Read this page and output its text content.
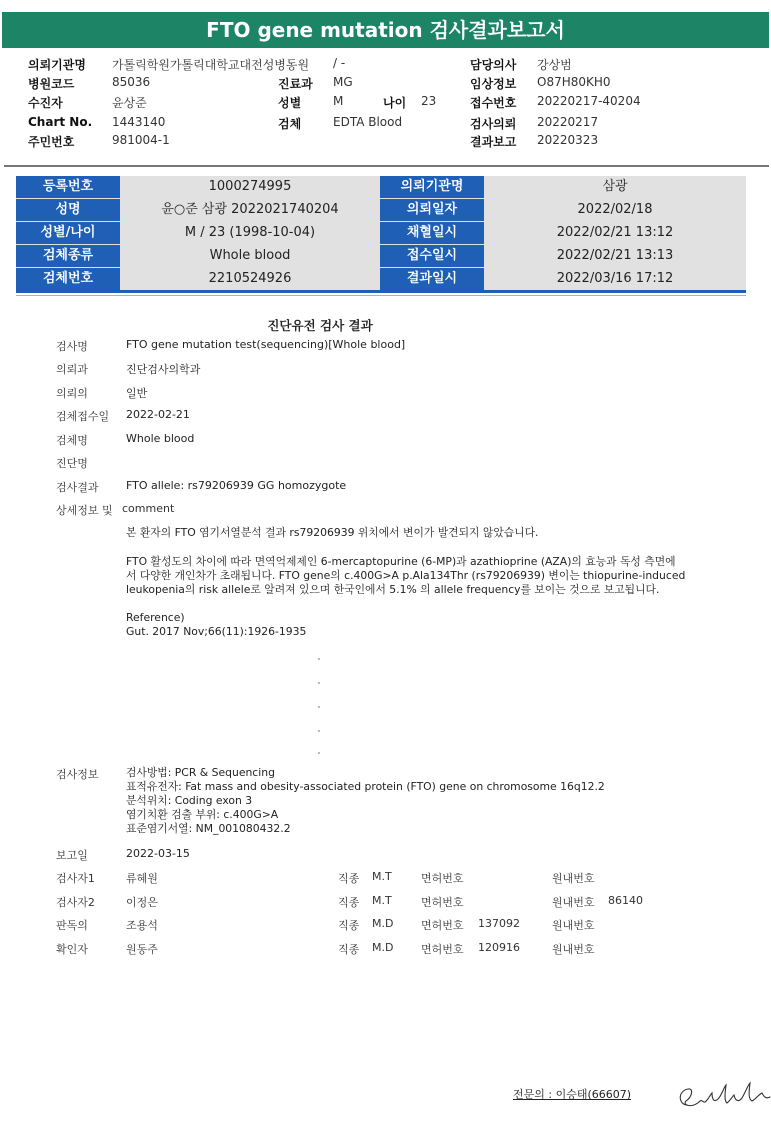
FTO gene mutation 검사결과보고서
의뢰기관명 가톨릭학원가톨릭대학교대전성병동원 / -	담당의사 강상범
병원코드	85036	진료과 MG	임상정보 O87H80KH0
수진자	윤상준	성별	M	나이 23	접수번호 20220217-40204
Chart No. 1443140	검체	EDTA Blood	검사의뢰 20220217
주민번호	981004-1	결과보고 20220323
등록번호	1000274995	의뢰기관명	삼광
성명	윤○준 삼광 2022021740204	의뢰일자	2022/02/18
성별/나이	M / 23 (1998-10-04)	채혈일시	2022/02/21 13:12
검체종류	Whole blood	접수일시	2022/02/21 13:13
검체번호	2210524926	결과일시	2022/03/16 17:12
진단유전 검사 결과
검사명	FTO gene mutation test(sequencing)[Whole blood]
의뢰과	진단검사의학과
의뢰의	일반
검체접수일 2022-02-21
검체명	Whole blood
진단명
검사결과 FTO allele: rs79206939 GG homozygote
상세정보 및 comment

본 환자의 FTO 염기서열분석 결과 rs79206939 위치에서 변이가 발견되지 않았습니다.

FTO 활성도의 차이에 따라 면역억제제인 6-mercaptopurine (6-MP)과 azathioprine (AZA)의 효능과 독성 측면에

서 다양한 개인차가 초래됩니다. FTO gene의 c.400G>A p.Ala134Thr (rs79206939) 변이는 thiopurine-induced

leukopenia의 risk allele로 알려져 있으며 한국인에서 5.1% 의 allele frequency를 보이는 것으로 보고됩니다.

Reference)

Gut. 2017 Nov;66(11):1926-1935

검사정보	검사방법: PCR & Sequencing
표적유전자: Fat mass and obesity-associated protein (FTO) gene on chromosome 16q12.2
분석위치: Coding exon 3
염기치환 검출 부위: c.400G>A
표준염기서열: NM_001080432.2
보고일	2022-03-15
검사자1	류혜원	직종 M.T	면허번호	원내번호
검사자2	이정은	직종 M.T	면허번호	원내번호 86140
판독의	조용석	직종 M.D	면허번호 137092	원내번호
확인자	원동주	직종 M.D	면허번호 120916	원내번호
전문의 : 이승태(66607)
